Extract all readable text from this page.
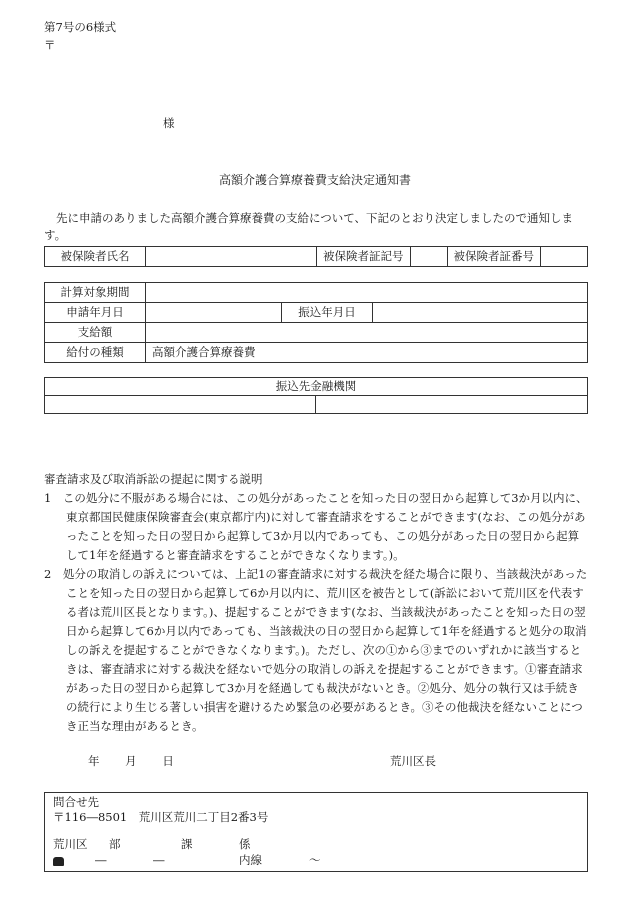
第7号の6様式
〒
様
高額介護合算療養費支給決定通知書
先に申請のありました高額介護合算療養費の支給について、下記のとおり決定しましたので通知します。
被保険者氏名		被保険者証記号		被保険者証番号	
計算対象期間			
申請年月日		振込年月日	
支給額			
給付の種類	高額介護合算療養費		
振込先金融機関

審査請求及び取消訴訟の提起に関する説明

1　この処分に不服がある場合には、この処分があったことを知った日の翌日から起算して3か月以内に、東京都国民健康保険審査会(東京都庁内)に対して審査請求をすることができます(なお、この処分があったことを知った日の翌日から起算して3か月以内であっても、この処分があった日の翌日から起算して1年を経過すると審査請求をすることができなくなります。)。

2　処分の取消しの訴えについては、上記1の審査請求に対する裁決を経た場合に限り、当該裁決があったことを知った日の翌日から起算して6か月以内に、荒川区を被告として(訴訟において荒川区を代表する者は荒川区長となります。)、提起することができます(なお、当該裁決があったことを知った日の翌日から起算して6か月以内であっても、当該裁決の日の翌日から起算して1年を経過すると処分の取消しの訴えを提起することができなくなります。)。ただし、次の①から③までのいずれかに該当するときは、審査請求に対する裁決を経ないで処分の取消しの訴えを提起することができます。①審査請求があった日の翌日から起算して3か月を経過しても裁決がないとき。②処分、処分の執行又は手続きの続行により生じる著しい損害を避けるため緊急の必要があるとき。③その他裁決を経ないことにつき正当な理由があるとき。

年 月 日	荒川区長
問合せ先
〒116―8501　荒川区荒川二丁目2番3号
荒川区 部	課	係
―	―	内線	～
